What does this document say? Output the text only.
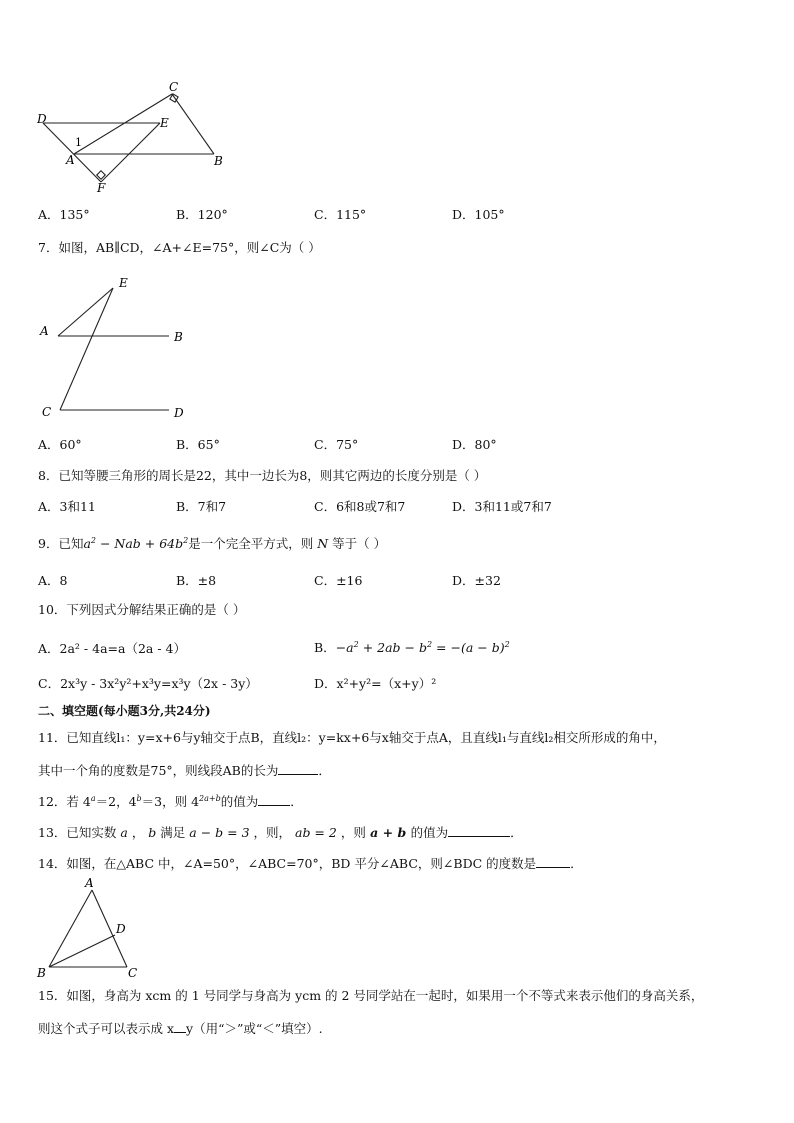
C
D	E
1
A	B
F
A．135°	B．120°	C．115°	D．105°
7．如图，AB∥CD，∠A+∠E=75°，则∠C为（ ）
E
A	B
C	D
A．60°	B．65°	C．75°	D．80°
8．已知等腰三角形的周长是22，其中一边长为8，则其它两边的长度分别是（ ）
A．3和11	B．7和7	C．6和8或7和7	D．3和11或7和7
9．已知$a^2$ − Nab + $64b^2$是一个完全平方式，则 N 等于（ ）
A．8	B．±8	C．±16	D．±32
10．下列因式分解结果正确的是（ ）
A．2a² - 4a=a（2a - 4）	B．$-a^2 + 2ab - b^2 = -(a - b)^2$
C．2x³y - 3x²y²+x³y=x³y（2x - 3y）	D．x²+y²=（x+y）²
二、填空题(每小题3分,共24分)
11．已知直线l₁：y=x+6与y轴交于点B，直线l₂：y=kx+6与x轴交于点A，且直线l₁与直线l₂相交所形成的角中，
其中一个角的度数是75°，则线段AB的长为	．
12．若 $4^a=2$，$4^b=3$，则 $4^{2a+b}$的值为	．
13．已知实数 a ， b 满足 a − b = 3 ，则， ab = 2 ，则 a + b 的值为	．
14．如图，在△ABC 中，∠A=50°，∠ABC=70°，BD 平分∠ABC，则∠BDC 的度数是	．
A
D
B	C
15．如图，身高为 xcm 的 1 号同学与身高为 ycm 的 2 号同学站在一起时，如果用一个不等式来表示他们的身高关系，
则这个式子可以表示成 x y（用“＞”或“＜”填空）.
